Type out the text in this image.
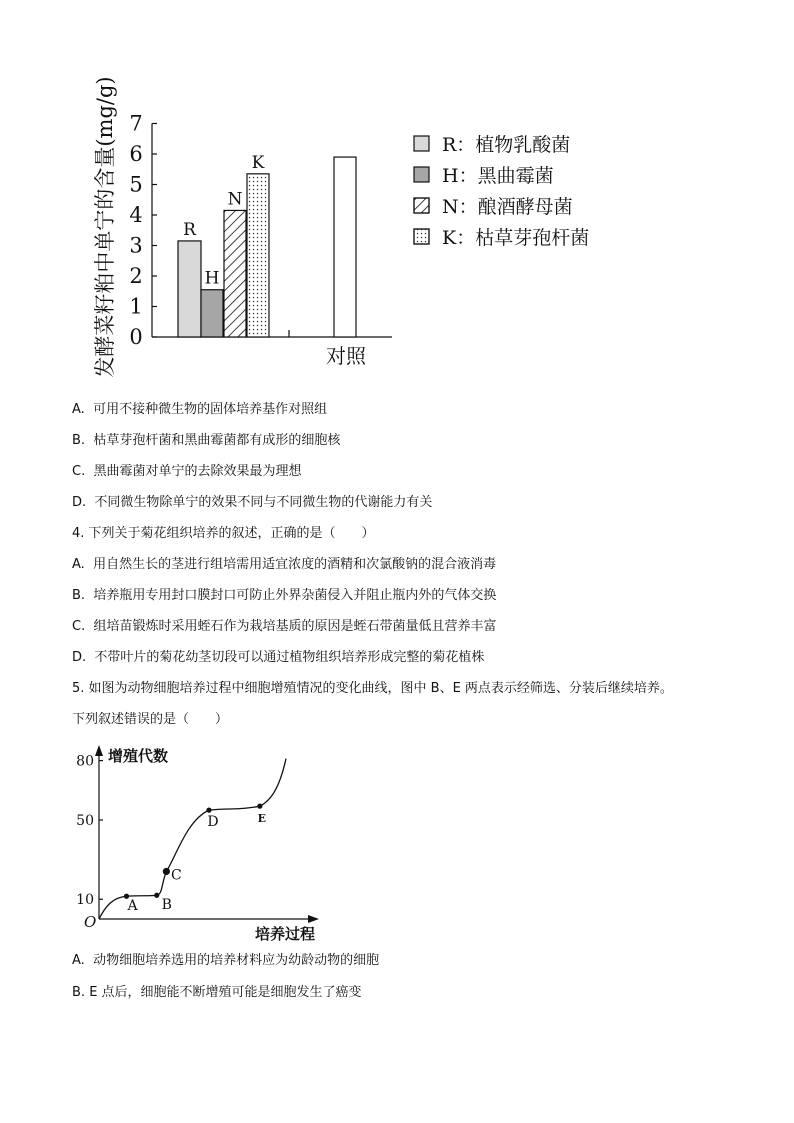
0
1
2
3
4
5
6
7
R
H
N
K
对照
R：植物乳酸菌
H：黑曲霉菌
N：酿酒酵母菌
K：枯草芽孢杆菌
发酵菜籽粕中单宁的含量(mg/g)
A. 可用不接种微生物的固体培养基作对照组
B. 枯草芽孢杆菌和黑曲霉菌都有成形的细胞核
C. 黑曲霉菌对单宁的去除效果最为理想
D. 不同微生物除单宁的效果不同与不同微生物的代谢能力有关
4. 下列关于菊花组织培养的叙述，正确的是（　　）
A. 用自然生长的茎进行组培需用适宜浓度的酒精和次氯酸钠的混合液消毒
B. 培养瓶用专用封口膜封口可防止外界杂菌侵入并阻止瓶内外的气体交换
C. 组培苗锻炼时采用蛭石作为栽培基质的原因是蛭石带菌量低且营养丰富
D. 不带叶片的菊花幼茎切段可以通过植物组织培养形成完整的菊花植株
5. 如图为动物细胞培养过程中细胞增殖情况的变化曲线，图中 B、E 两点表示经筛选、分装后继续培养。
下列叙述错误的是（　　）
增殖代数
培养过程
O
10
50
80
A B
C
D	E
A. 动物细胞培养选用的培养材料应为幼龄动物的细胞
B. E 点后，细胞能不断增殖可能是细胞发生了癌变
